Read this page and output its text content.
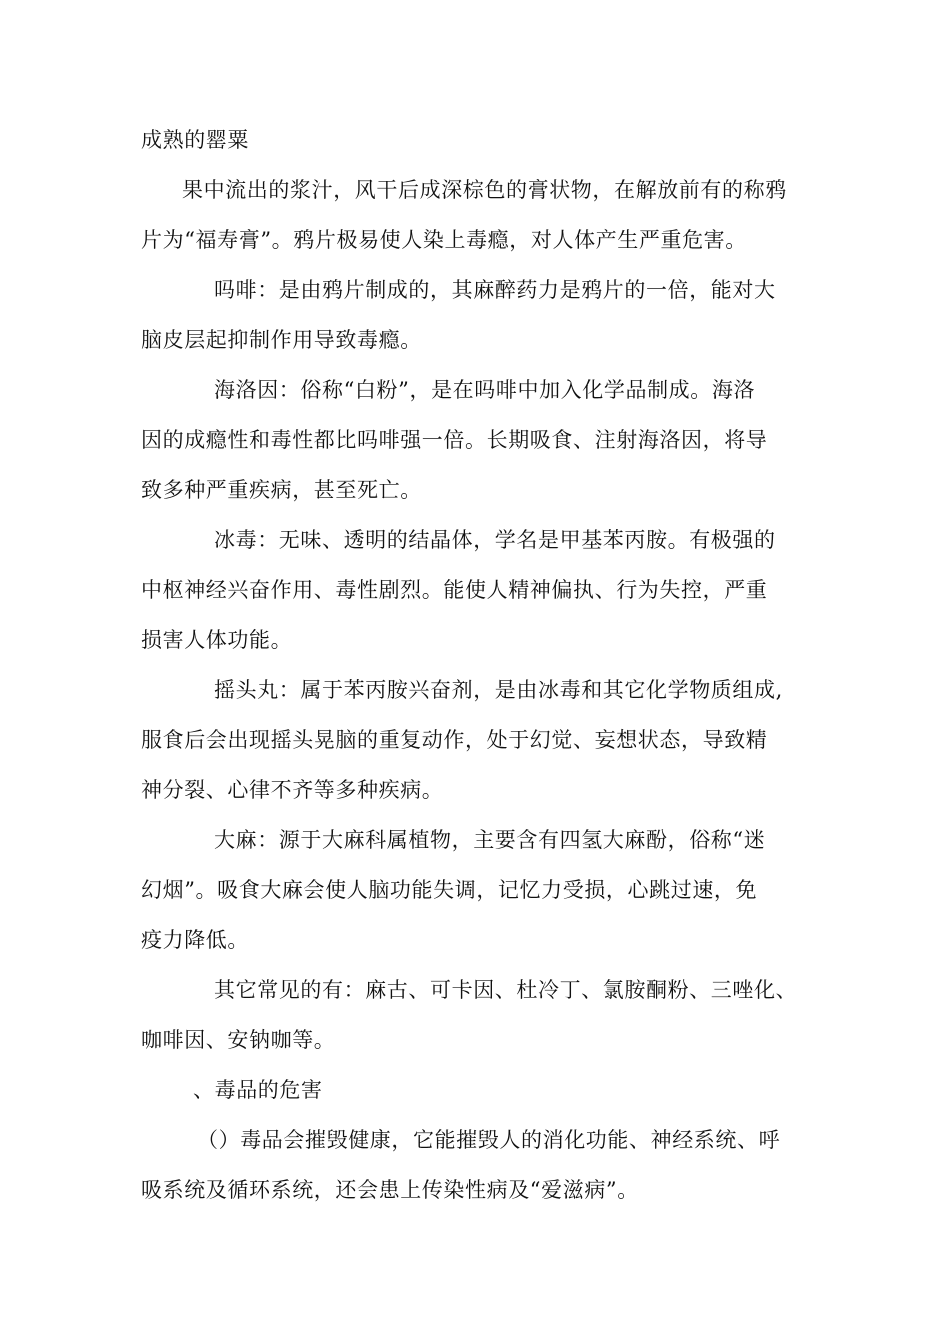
成熟的罂粟
果中流出的浆汁，风干后成深棕色的膏状物，在解放前有的称鸦
片为“福寿膏”。鸦片极易使人染上毒瘾，对人体产生严重危害。
吗啡：是由鸦片制成的，其麻醉药力是鸦片的一倍，能对大
脑皮层起抑制作用导致毒瘾。
海洛因：俗称“白粉”，是在吗啡中加入化学品制成。海洛
因的成瘾性和毒性都比吗啡强一倍。长期吸食、注射海洛因，将导
致多种严重疾病，甚至死亡。
冰毒：无味、透明的结晶体，学名是甲基苯丙胺。有极强的
中枢神经兴奋作用、毒性剧烈。能使人精神偏执、行为失控，严重
损害人体功能。
摇头丸：属于苯丙胺兴奋剂，是由冰毒和其它化学物质组成,
服食后会出现摇头晃脑的重复动作，处于幻觉、妄想状态，导致精
神分裂、心律不齐等多种疾病。
大麻：源于大麻科属植物，主要含有四氢大麻酚，俗称“迷
幻烟”。吸食大麻会使人脑功能失调，记忆力受损，心跳过速，免
疫力降低。
其它常见的有：麻古、可卡因、杜冷丁、氯胺酮粉、三唑化、
咖啡因、安钠咖等。
、毒品的危害
（）毒品会摧毁健康，它能摧毁人的消化功能、神经系统、呼
吸系统及循环系统，还会患上传染性病及“爱滋病”。
